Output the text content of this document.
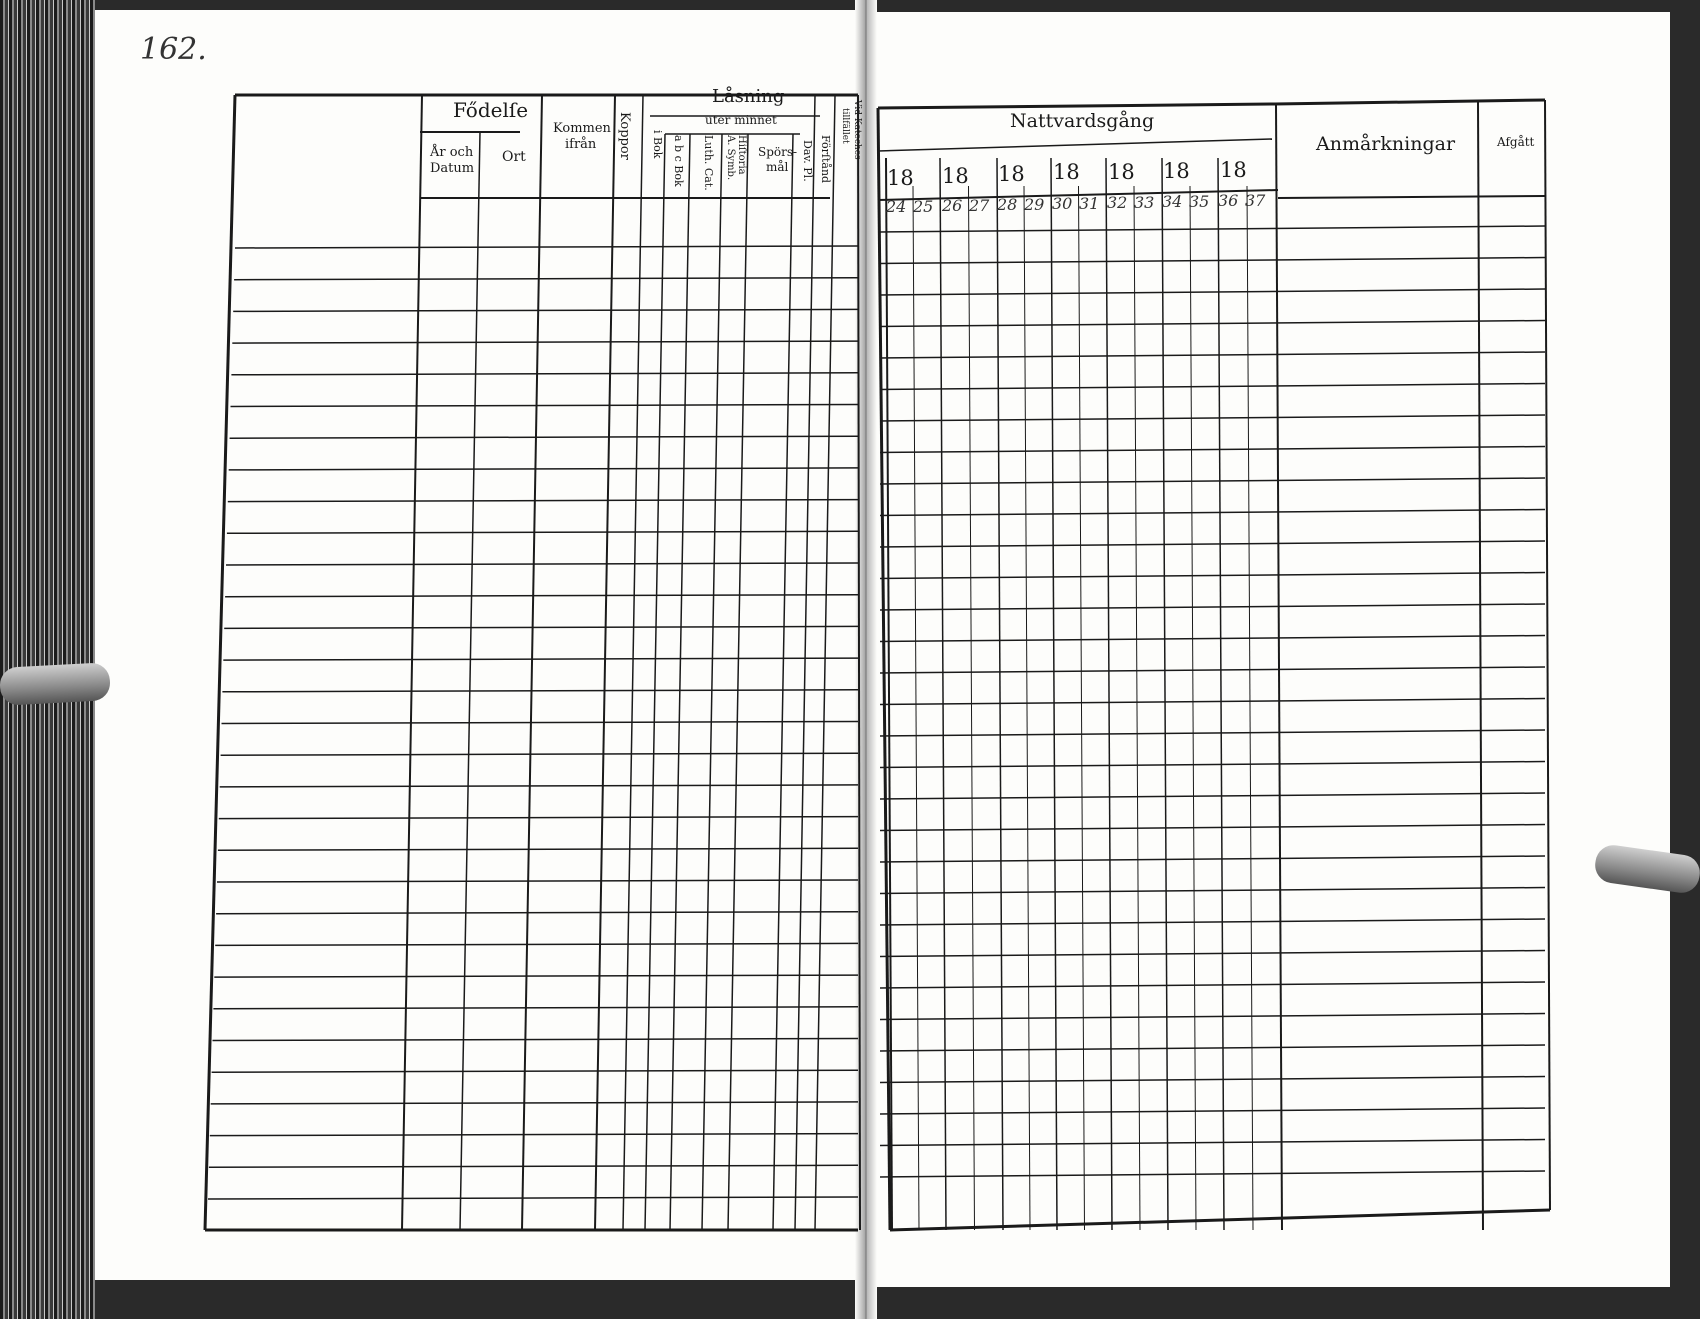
162.
Fődelſe
År och
Datum
Ort
Kommen
ifrån Koppor
Låsning
uter minnet
i Bok a b c Bok Luth. Cat. A. Symb. Hiſtoria Spörs-
mål Dav. Pl. Förſtånd Vid Kateches
tillfället	Nattvardsgång
Anmårkningar	Afgått
18 18 18 18 18 18 18
24 25 26 27 28 29 30 31 32 33 34 35 36 37
